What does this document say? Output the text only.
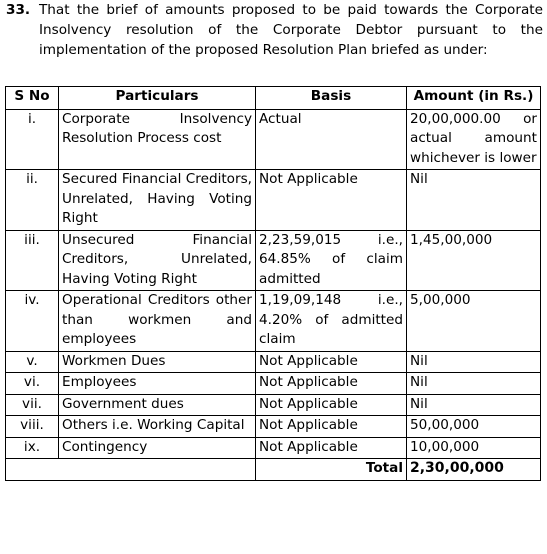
33. That the brief of amounts proposed to be paid towards the Corporate Insolvency resolution of the Corporate Debtor pursuant to the implementation of the proposed Resolution Plan briefed as under:
S No	Particulars	Basis	Amount (in Rs.)
i.	Corporate Insolvency Resolution Process cost	Actual	20,00,000.00 or actual amount whichever is lower
ii.	Secured Financial Creditors, Unrelated, Having Voting Right	Not Applicable	Nil
iii.	Unsecured Financial Creditors, Unrelated, Having Voting Right	2,23,59,015 i.e., 64.85% of claim admitted	1,45,00,000
iv.	Operational Creditors other than workmen and employees	1,19,09,148 i.e., 4.20% of admitted claim	5,00,000
v.	Workmen Dues	Not Applicable	Nil
vi.	Employees	Not Applicable	Nil
vii.	Government dues	Not Applicable	Nil
viii.	Others i.e. Working Capital	Not Applicable	50,00,000
ix.	Contingency	Not Applicable	10,00,000
		Total	2,30,00,000
